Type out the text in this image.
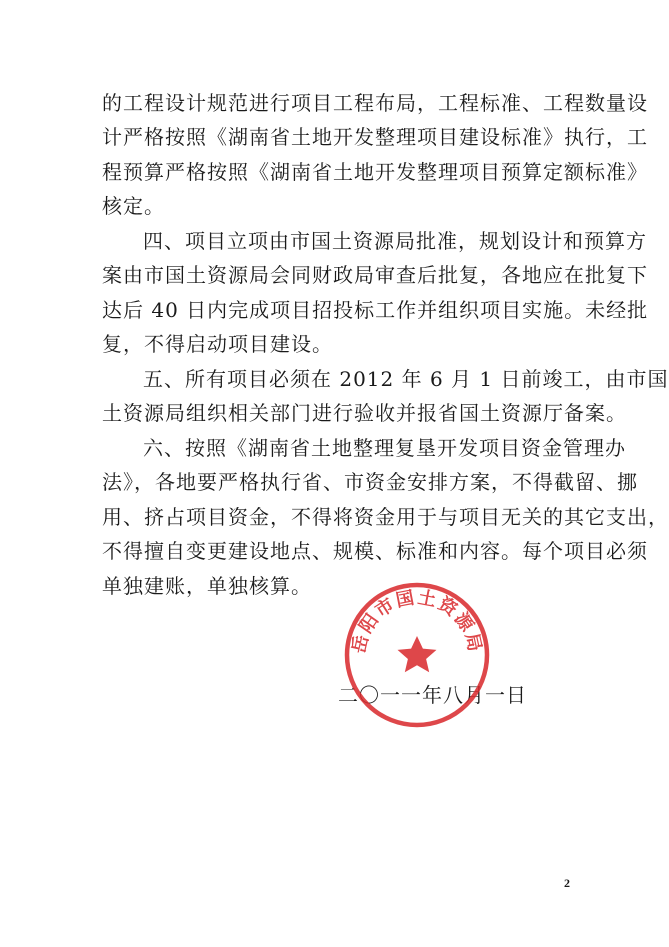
的工程设计规范进行项目工程布局，工程标准、工程数量设
计严格按照《湖南省土地开发整理项目建设标准》执行，工
程预算严格按照《湖南省土地开发整理项目预算定额标准》
核定。
四、项目立项由市国土资源局批准，规划设计和预算方
案由市国土资源局会同财政局审查后批复，各地应在批复下
达后 40 日内完成项目招投标工作并组织项目实施。未经批
复，不得启动项目建设。
五、所有项目必须在 2012 年 6 月 1 日前竣工，由市国
土资源局组织相关部门进行验收并报省国土资源厅备案。
六、按照《湖南省土地整理复垦开发项目资金管理办
法》，各地要严格执行省、市资金安排方案，不得截留、挪
用、挤占项目资金，不得将资金用于与项目无关的其它支出，
不得擅自变更建设地点、规模、标准和内容。每个项目必须
单独建账，单独核算。
二〇一一年八月一日
岳阳市国土资源局
2
